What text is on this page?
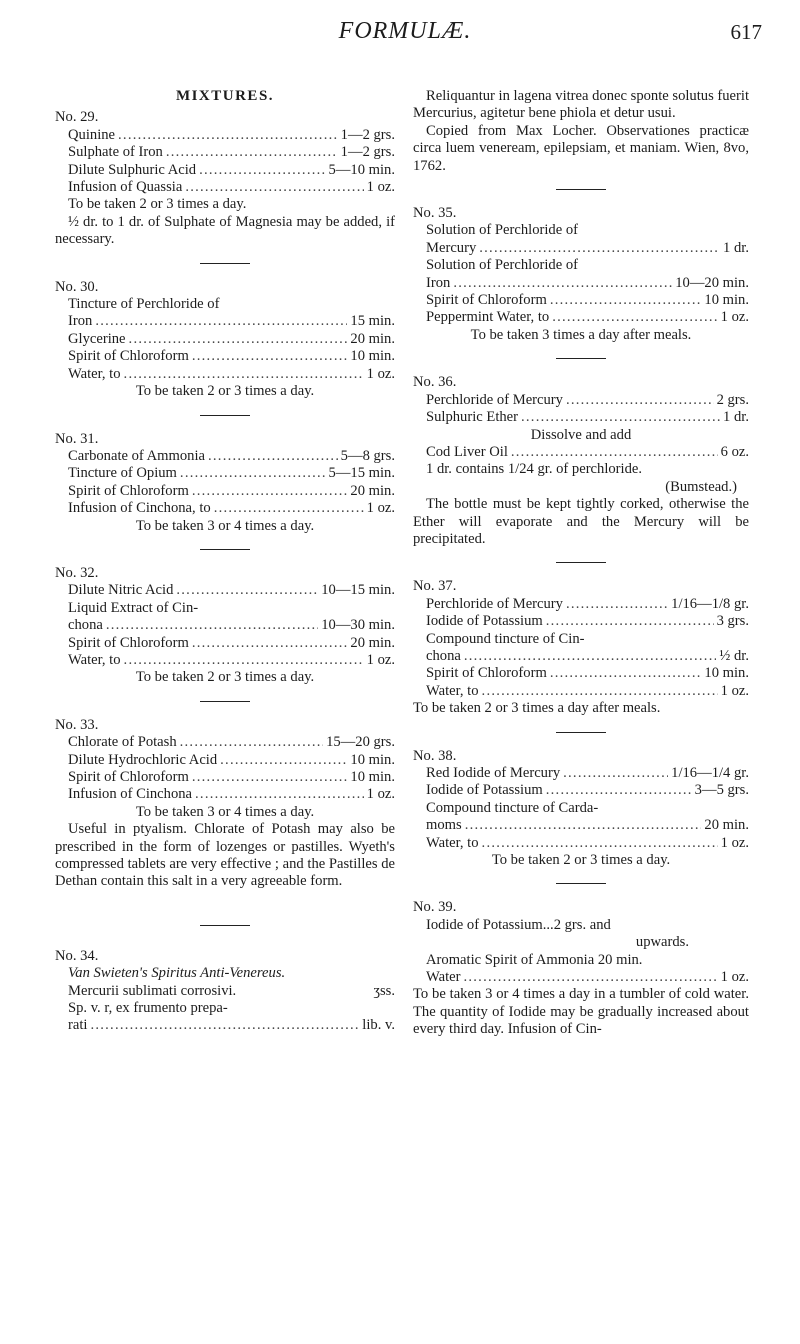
FORMULÆ.	617
MIXTURES.
No. 29.
Quinine . . .	1—2 grs.
Sulphate of Iron . . .	1—2 grs.
Dilute Sulphuric Acid . . .	5—10 min.
Infusion of Quassia . . .	1 oz.
To be taken 2 or 3 times a day.
½ dr. to 1 dr. of Sulphate of Magnesia may be added, if necessary.
No. 30.
Tincture of Perchloride of
Iron . . .	15 min.
Glycerine . . .	20 min.
Spirit of Chloroform . . .	10 min.
Water, to . . .	1 oz.
To be taken 2 or 3 times a day.
No. 31.
Carbonate of Ammonia . . .	5—8 grs.
Tincture of Opium . . .	5—15 min.
Spirit of Chloroform . . .	20 min.
Infusion of Cinchona, to . . .	1 oz.
To be taken 3 or 4 times a day.
No. 32.
Dilute Nitric Acid . . .	10—15 min.
Liquid Extract of Cin-
chona . . .	10—30 min.
Spirit of Chloroform . . .	20 min.
Water, to . . .	1 oz.
To be taken 2 or 3 times a day.
No. 33.
Chlorate of Potash . . .	15—20 grs.
Dilute Hydrochloric Acid . . .	10 min.
Spirit of Chloroform . . .	10 min.
Infusion of Cinchona . . .	1 oz.
To be taken 3 or 4 times a day.
Useful in ptyalism. Chlorate of Potash may also be prescribed in the form of lozenges or pastilles. Wyeth's compressed tablets are very effective ; and the Pastilles de Dethan contain this salt in a very agreeable form.
No. 34.
Van Swieten's Spiritus Anti-Venereus.
Mercurii sublimati corrosivi.	ʒss.
Sp. v. r, ex frumento prepa-
rati . . .	lib. v.
Reliquantur in lagena vitrea donec sponte solutus fuerit Mercurius, agitetur bene phiola et detur usui.
Copied from Max Locher. Observationes practicæ circa luem veneream, epilepsiam, et maniam. Wien, 8vo, 1762.
No. 35.
Solution of Perchloride of
Mercury . . .	1 dr.
Solution of Perchloride of
Iron . . .	10—20 min.
Spirit of Chloroform . . .	10 min.
Peppermint Water, to . . .	1 oz.
To be taken 3 times a day after meals.
No. 36.
Perchloride of Mercury . . .	2 grs.
Sulphuric Ether . . .	1 dr.
Dissolve and add
Cod Liver Oil . . .	6 oz.
1 dr. contains 1/24 gr. of perchloride.
(Bumstead.)
The bottle must be kept tightly corked, otherwise the Ether will evaporate and the Mercury will be precipitated.
No. 37.
Perchloride of Mercury . . .	1/16—1/8 gr.
Iodide of Potassium . . .	3 grs.
Compound tincture of Cin-
chona . . .	½ dr.
Spirit of Chloroform . . .	10 min.
Water, to . . .	1 oz.
To be taken 2 or 3 times a day after meals.
No. 38.
Red Iodide of Mercury . . .	1/16—1/4 gr.
Iodide of Potassium . . .	3—5 grs.
Compound tincture of Carda-
moms . . .	20 min.
Water, to . . .	1 oz.
To be taken 2 or 3 times a day.
No. 39.
Iodide of Potassium...2 grs. and
upwards.
Aromatic Spirit of Ammonia 20 min.
Water . . .	1 oz.
To be taken 3 or 4 times a day in a tumbler of cold water. The quantity of Iodide may be gradually increased about every third day. Infusion of Cin-
